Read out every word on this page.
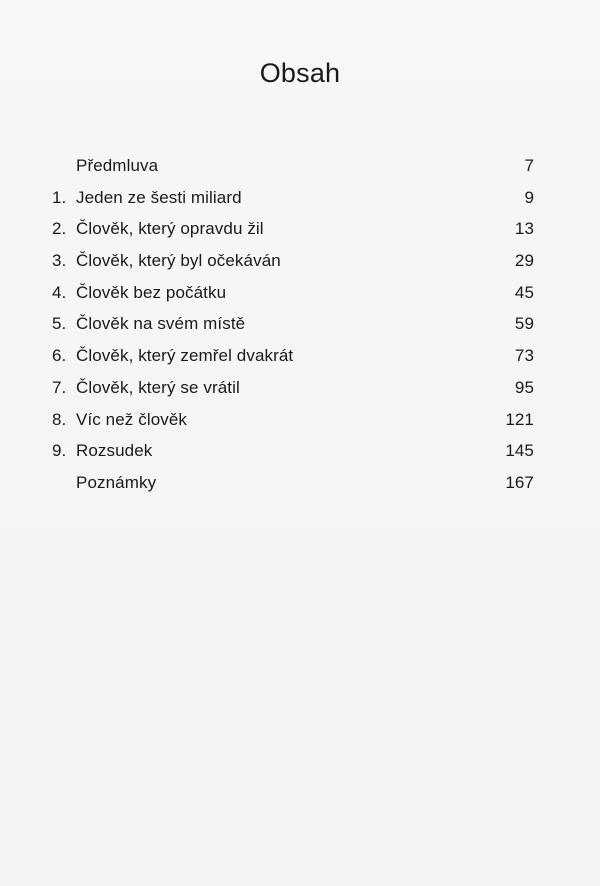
Obsah
Předmluva	7
1. Jeden ze šesti miliard	9
2. Člověk, který opravdu žil	13
3. Člověk, který byl očekáván	29
4. Člověk bez počátku	45
5. Člověk na svém místě	59
6. Člověk, který zemřel dvakrát	73
7. Člověk, který se vrátil	95
8. Víc než člověk	121
9. Rozsudek	145
Poznámky	167
